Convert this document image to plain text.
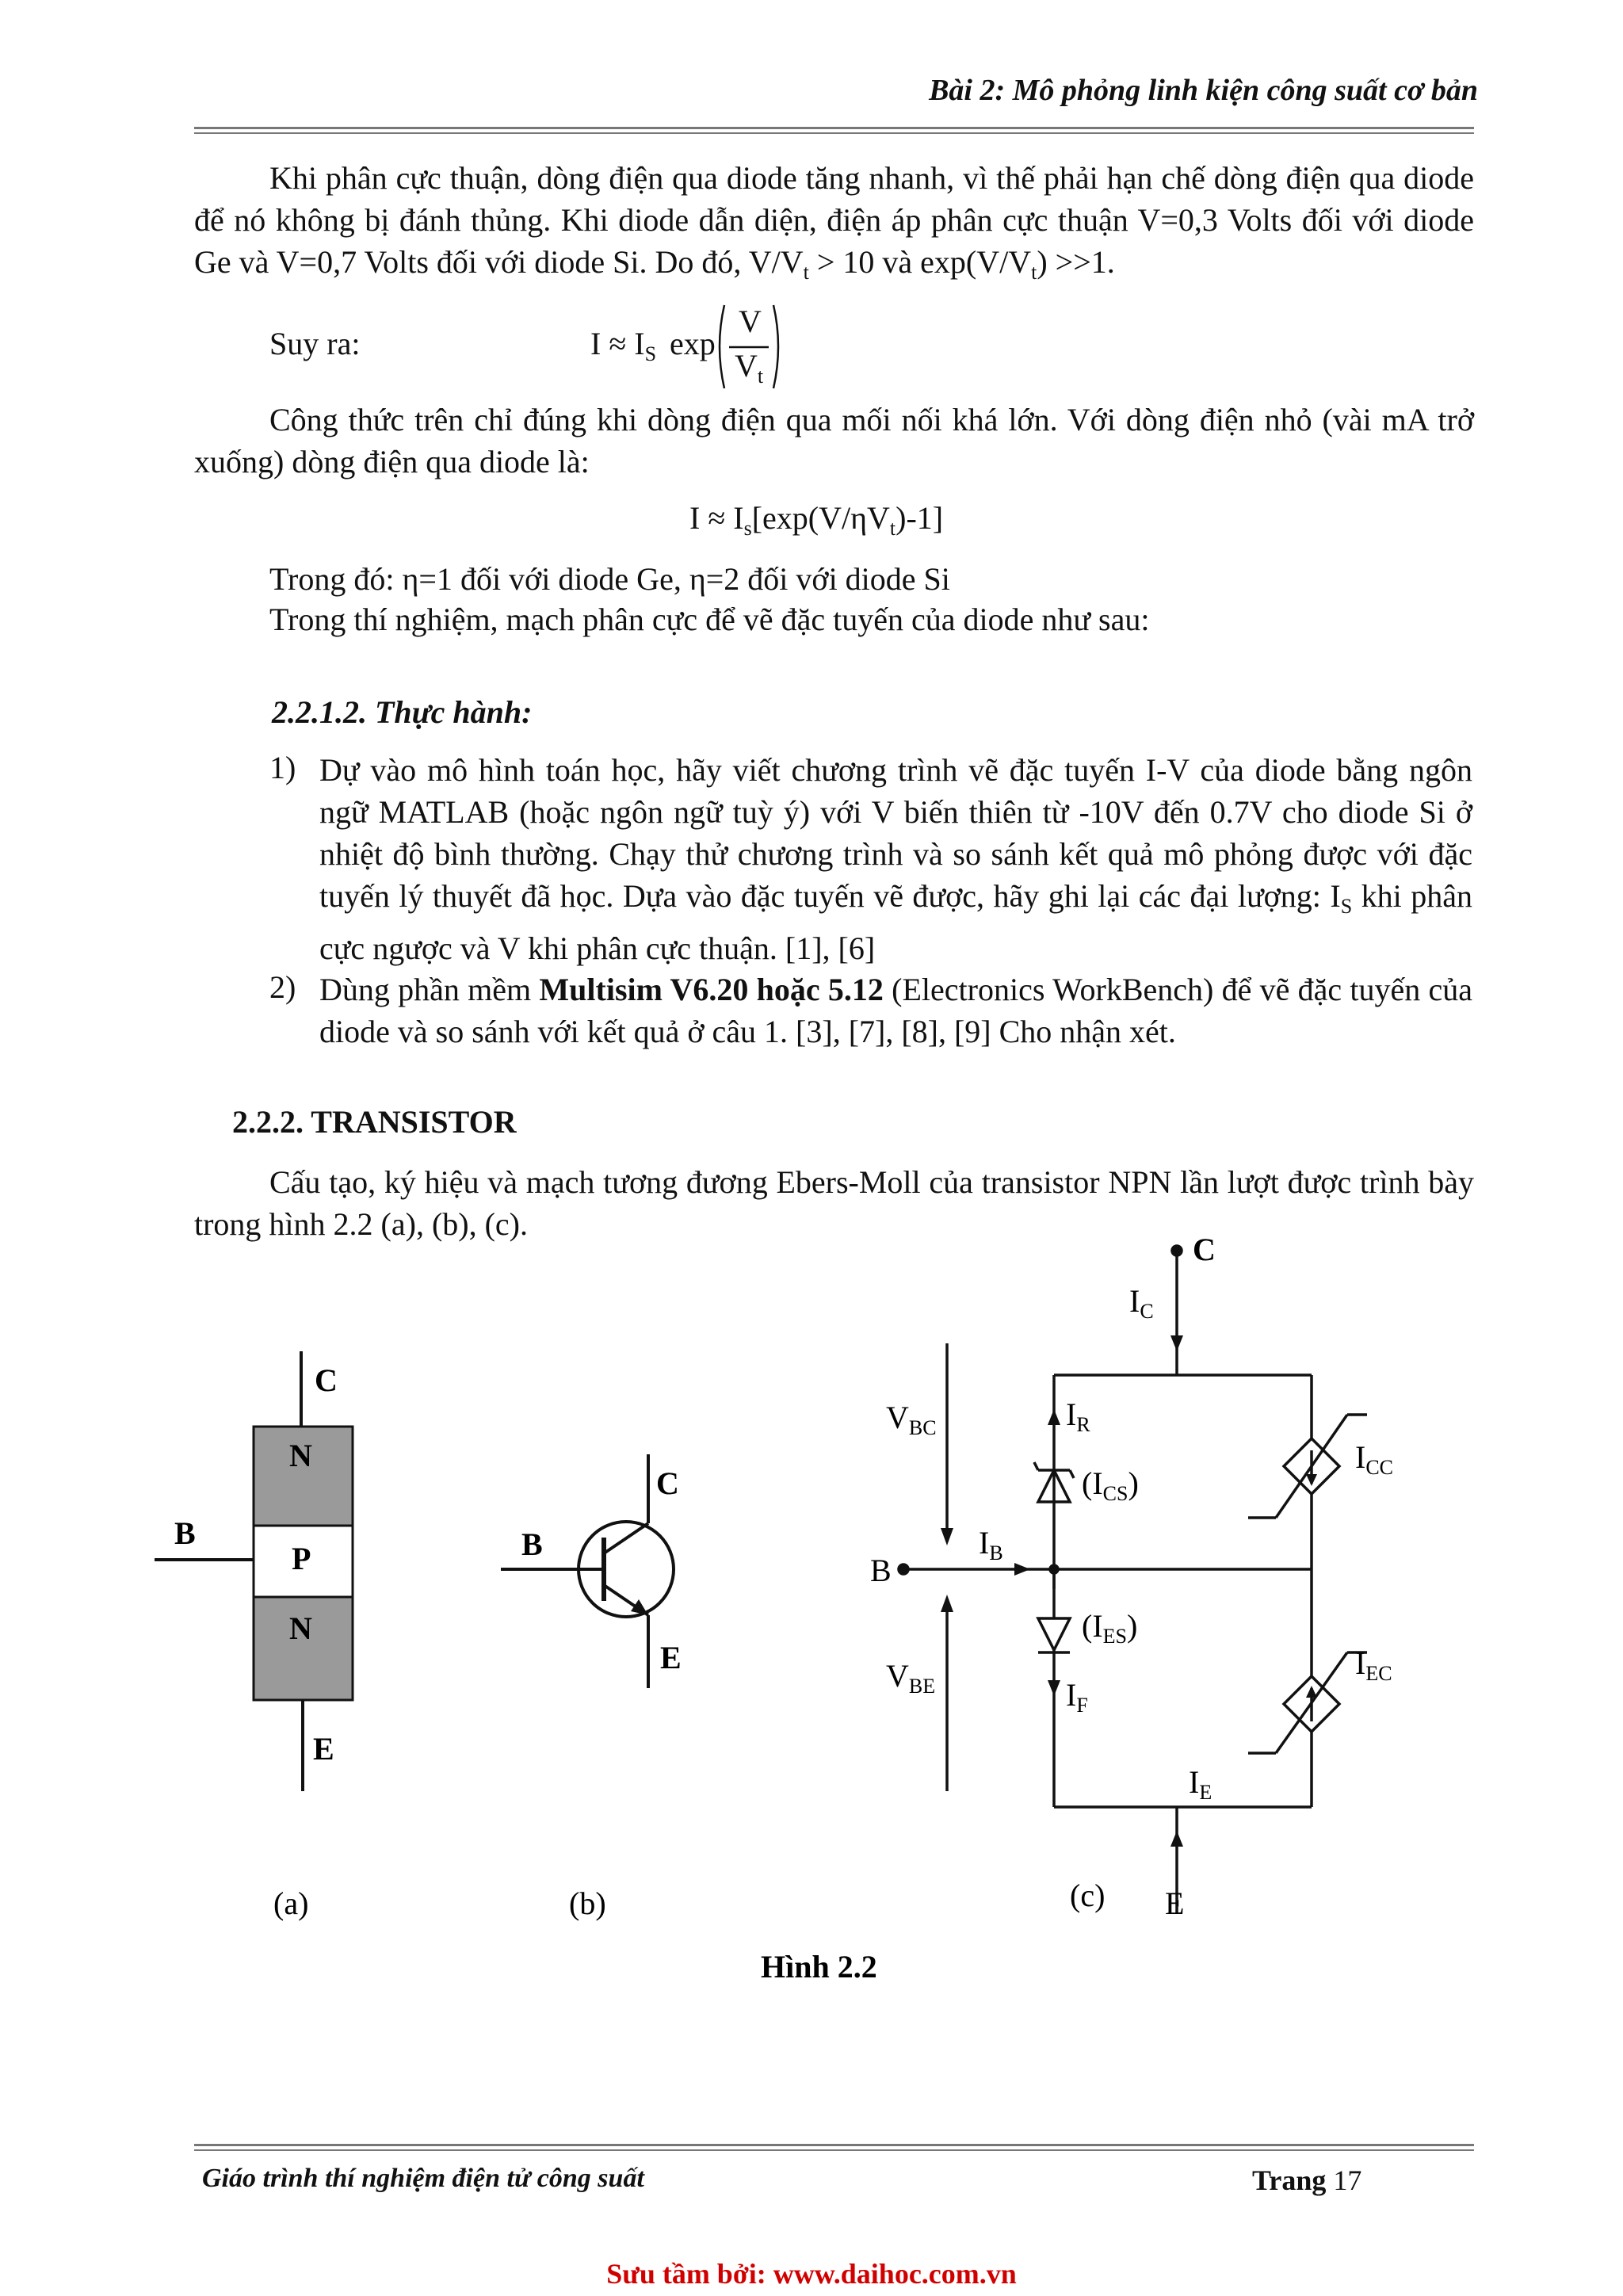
Bài 2: Mô phỏng linh kiện công suất cơ bản
Khi phân cực thuận, dòng điện qua diode tăng nhanh, vì thế phải hạn chế dòng điện qua diode để nó không bị đánh thủng. Khi diode dẫn diện, điện áp phân cực thuận V=0,3 Volts đối với diode Ge và V=0,7 Volts đối với diode Si. Do đó, $V/V_t > 10$ và $\exp(V/V_t) >>1$.
Suy ra:	$I \approx I_S$ exp
V
$V_t$
Công thức trên chỉ đúng khi dòng điện qua mối nối khá lớn. Với dòng điện nhỏ (vài mA trở xuống) dòng điện qua diode là:
$I \approx I_s[\exp(V/\eta V_t)-1]$
Trong đó: η=1 đối với diode Ge, η=2 đối với diode Si
Trong thí nghiệm, mạch phân cực để vẽ đặc tuyến của diode như sau:
2.2.1.2. Thực hành:
1) Dự vào mô hình toán học, hãy viết chương trình vẽ đặc tuyến I-V của diode bằng ngôn ngữ MATLAB (hoặc ngôn ngữ tuỳ ý) với V biến thiên từ -10V đến 0.7V cho diode Si ở nhiệt độ bình thường. Chạy thử chương trình và so sánh kết quả mô phỏng được với đặc tuyến lý thuyết đã học. Dựa vào đặc tuyến vẽ được, hãy ghi lại các đại lượng: $I_S$ khi phân cực ngược và V khi phân cực thuận. [1], [6]
2) Dùng phần mềm Multisim V6.20 hoặc 5.12 (Electronics WorkBench) để vẽ đặc tuyến của diode và so sánh với kết quả ở câu 1. [3], [7], [8], [9] Cho nhận xét.
2.2.2. TRANSISTOR
Cấu tạo, ký hiệu và mạch tương đương Ebers-Moll của transistor NPN lần lượt được trình bày trong hình 2.2 (a), (b), (c).
C
B
N
P
N
E
(a)
C
B
E
(b)
C
$I_C$
$I_R$
$(I_{CS})$
$I_{CC}$
$V_{BC}$
$I_B$
B
$(I_{ES})$
$I_{EC}$
$V_{BE}$	$I_F$
$I_E$
(c) E
Hình 2.2
Giáo trình thí nghiệm điện tử công suất	Trang 17
Sưu tầm bởi: www.daihoc.com.vn
